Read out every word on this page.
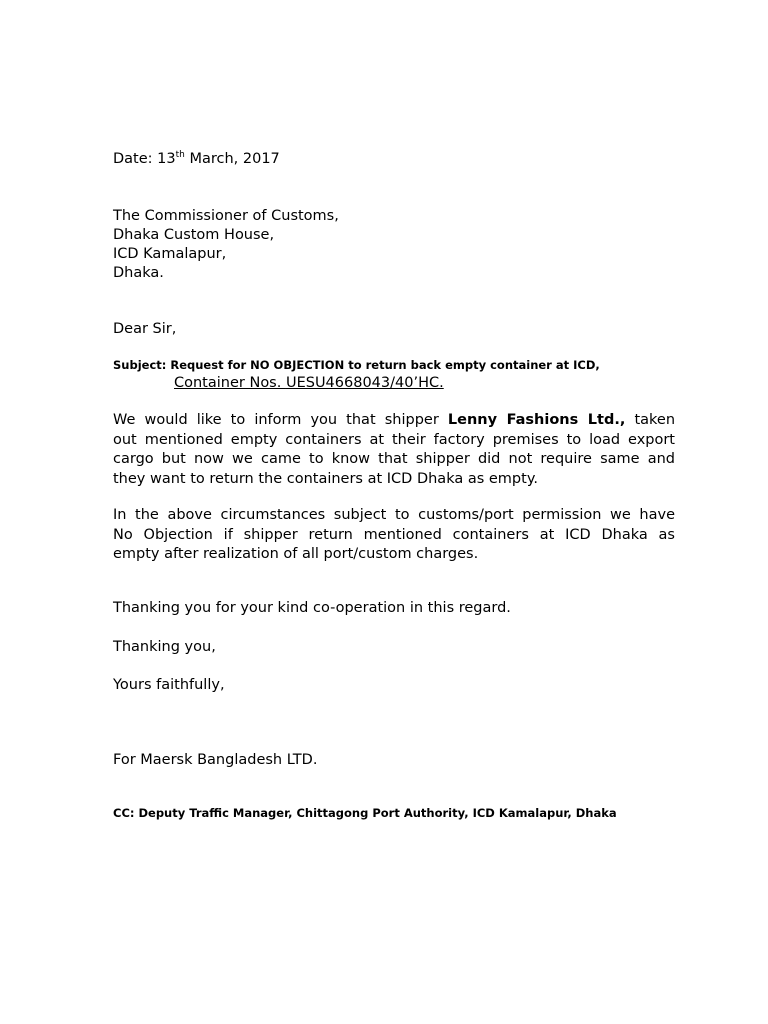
Date: 13th March, 2017
The Commissioner of Customs,
Dhaka Custom House,
ICD Kamalapur,
Dhaka.
Dear Sir,
Subject: Request for NO OBJECTION to return back empty container at ICD,
Container Nos. UESU4668043/40’HC.
We would like to inform you that shipper Lenny Fashions Ltd., taken
out mentioned empty containers at their factory premises to load export
cargo but now we came to know that shipper did not require same and
they want to return the containers at ICD Dhaka as empty.
In the above circumstances subject to customs/port permission we have
No Objection if shipper return mentioned containers at ICD Dhaka as
empty after realization of all port/custom charges.
Thanking you for your kind co-operation in this regard.
Thanking you,
Yours faithfully,
For Maersk Bangladesh LTD.
CC: Deputy Traffic Manager, Chittagong Port Authority, ICD Kamalapur, Dhaka
